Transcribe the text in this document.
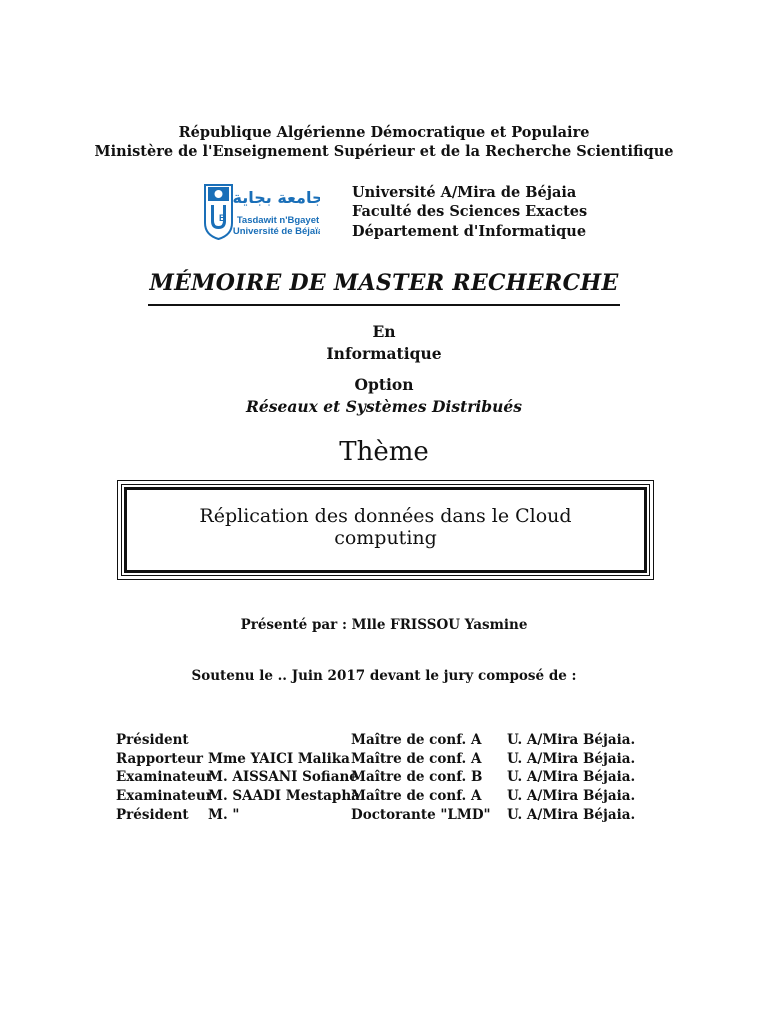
République Algérienne Démocratique et Populaire
Ministère de l'Enseignement Supérieur et de la Recherche Scientifique
B
جامعة بجاية
Tasdawit n'Bgayet
Université de Béjaïa
Université A/Mira de Béjaia
Faculté des Sciences Exactes
Département d'Informatique
MÉMOIRE DE MASTER RECHERCHE
En
Informatique
Option
Réseaux et Systèmes Distribués
Thème
Réplication des données dans le Cloud
computing
Présenté par : Mlle FRISSOU Yasmine
Soutenu le .. Juin 2017 devant le jury composé de :
Président	Maître de conf. A U. A/Mira Béjaia.
Rapporteur Mme YAICI Malika Maître de conf. A U. A/Mira Béjaia.
Examinateur
M. AISSANI Sofiane
Maître de conf. B U. A/Mira Béjaia.
Examinateur
M. SAADI Mestapha
Maître de conf. A U. A/Mira Béjaia.
Président M. "	Doctorante "LMD" U. A/Mira Béjaia.
